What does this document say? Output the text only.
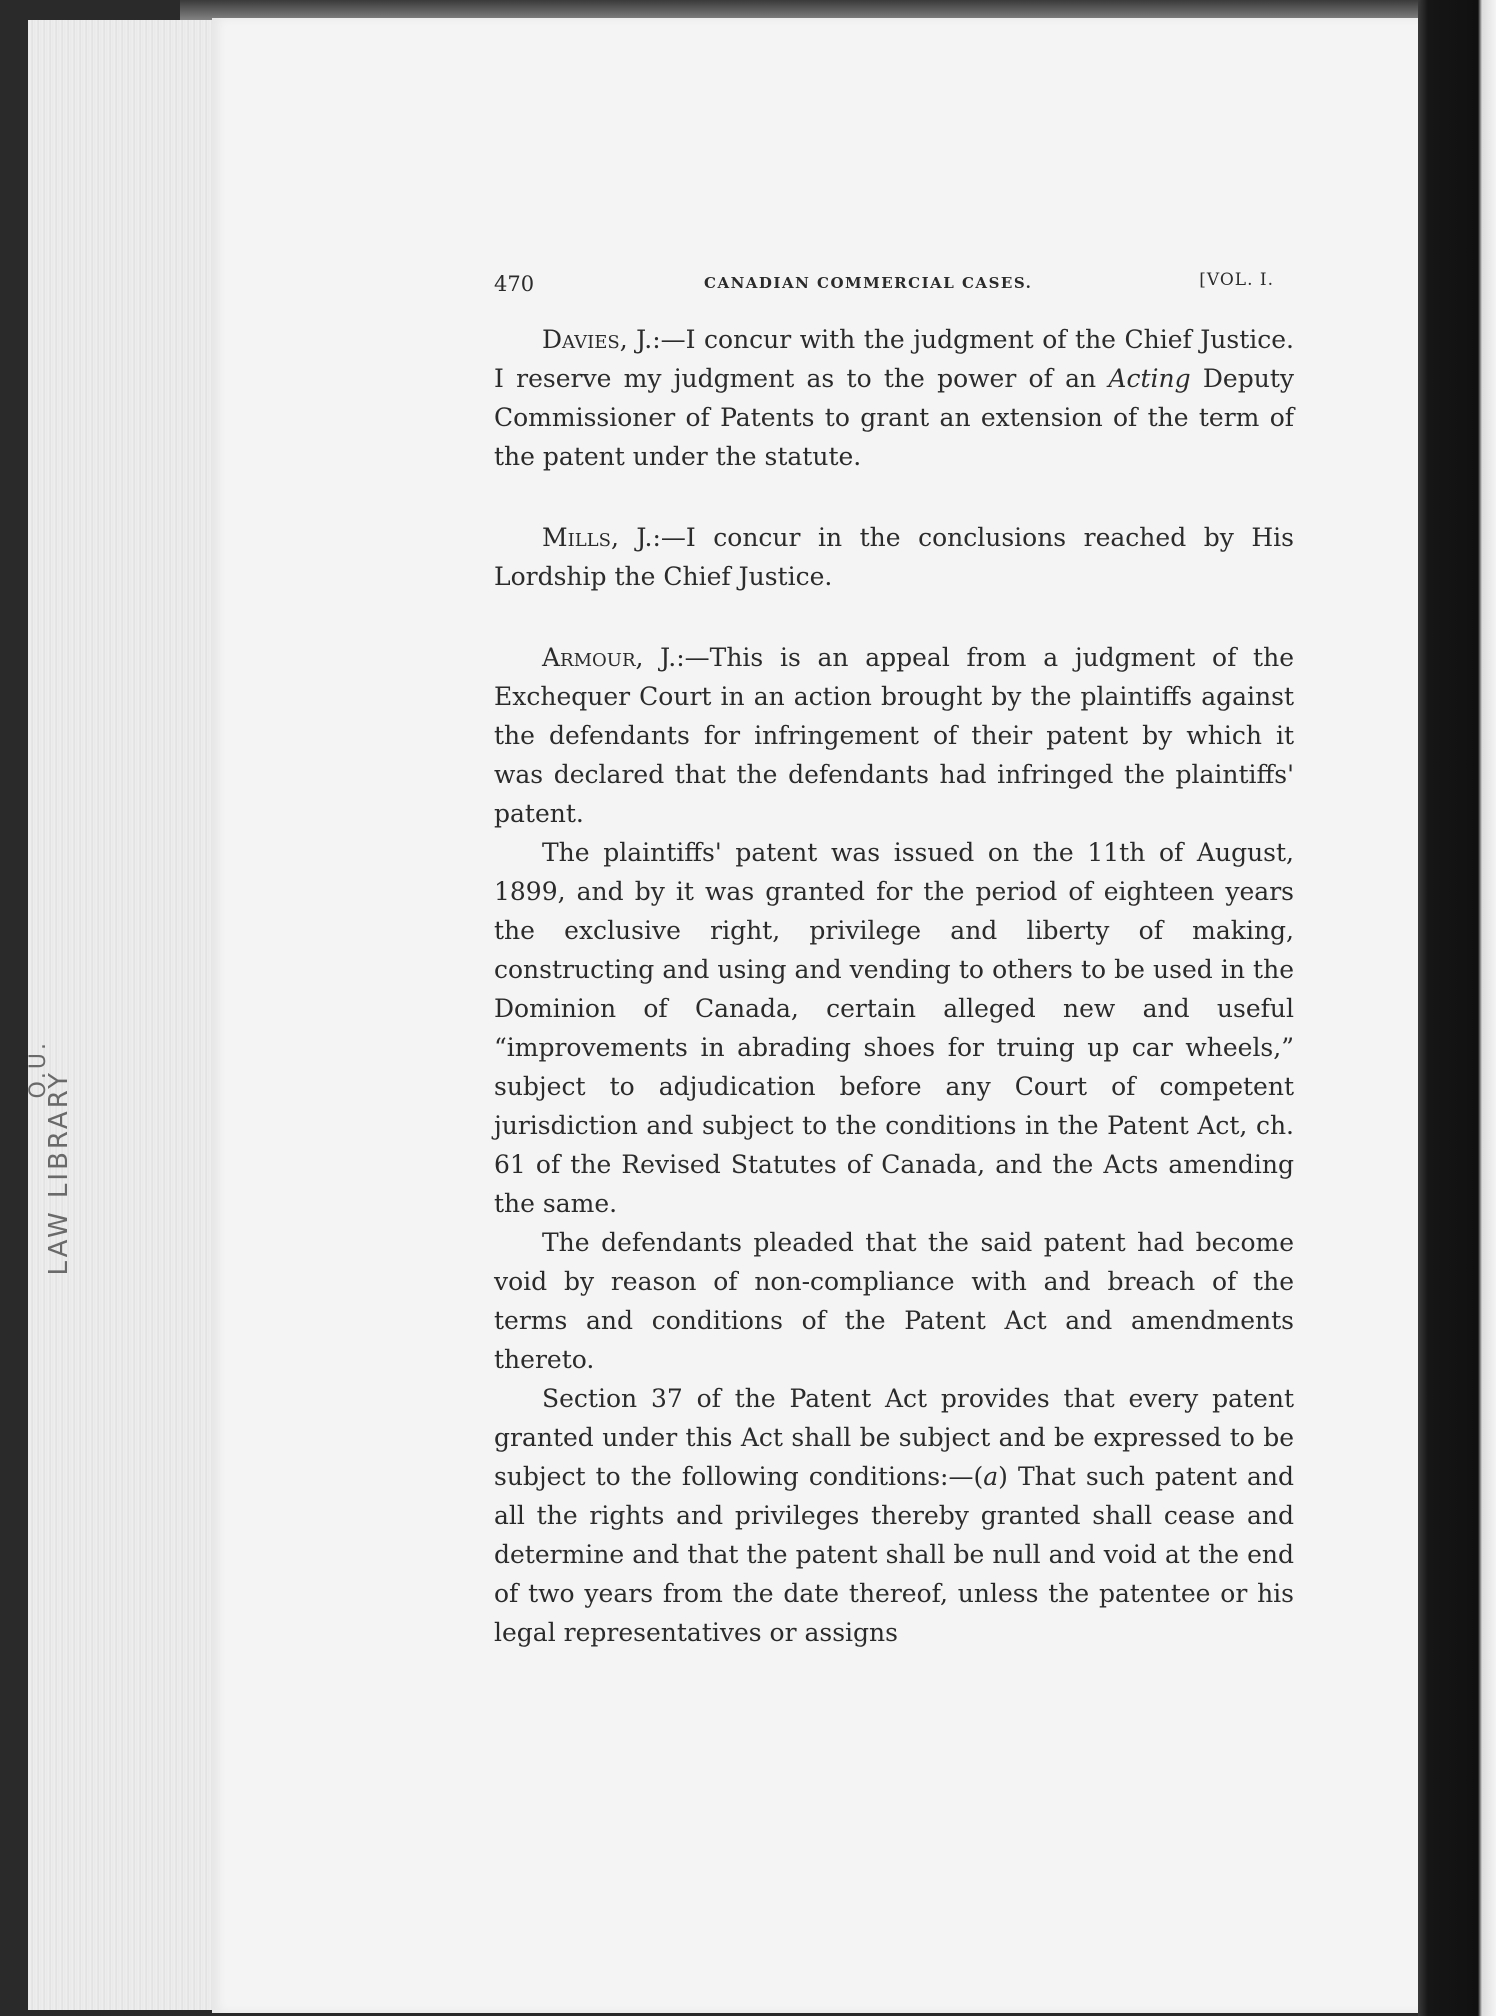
LAW LIBRARY
O.U.
470	CANADIAN COMMERCIAL CASES.	[VOL. I.

Davies, J.:—I concur with the judgment of the Chief Justice. I reserve my judgment as to the power of an Acting Deputy Commissioner of Patents to grant an extension of the term of the patent under the statute.

Mills, J.:—I concur in the conclusions reached by His Lordship the Chief Justice.

Armour, J.:—This is an appeal from a judgment of the Exchequer Court in an action brought by the plaintiffs against the defendants for infringement of their patent by which it was declared that the defendants had infringed the plaintiffs' patent.

The plaintiffs' patent was issued on the 11th of August, 1899, and by it was granted for the period of eighteen years the exclusive right, privilege and liberty of making, constructing and using and vending to others to be used in the Dominion of Canada, certain alleged new and useful “improvements in abrading shoes for truing up car wheels,” subject to adjudication before any Court of competent jurisdiction and subject to the conditions in the Patent Act, ch. 61 of the Revised Statutes of Canada, and the Acts amending the same.

The defendants pleaded that the said patent had become void by reason of non-compliance with and breach of the terms and conditions of the Patent Act and amendments thereto.

Section 37 of the Patent Act provides that every patent granted under this Act shall be subject and be expressed to be subject to the following conditions:—(a) That such patent and all the rights and privileges thereby granted shall cease and determine and that the patent shall be null and void at the end of two years from the date thereof, unless the patentee or his legal representatives or assigns
